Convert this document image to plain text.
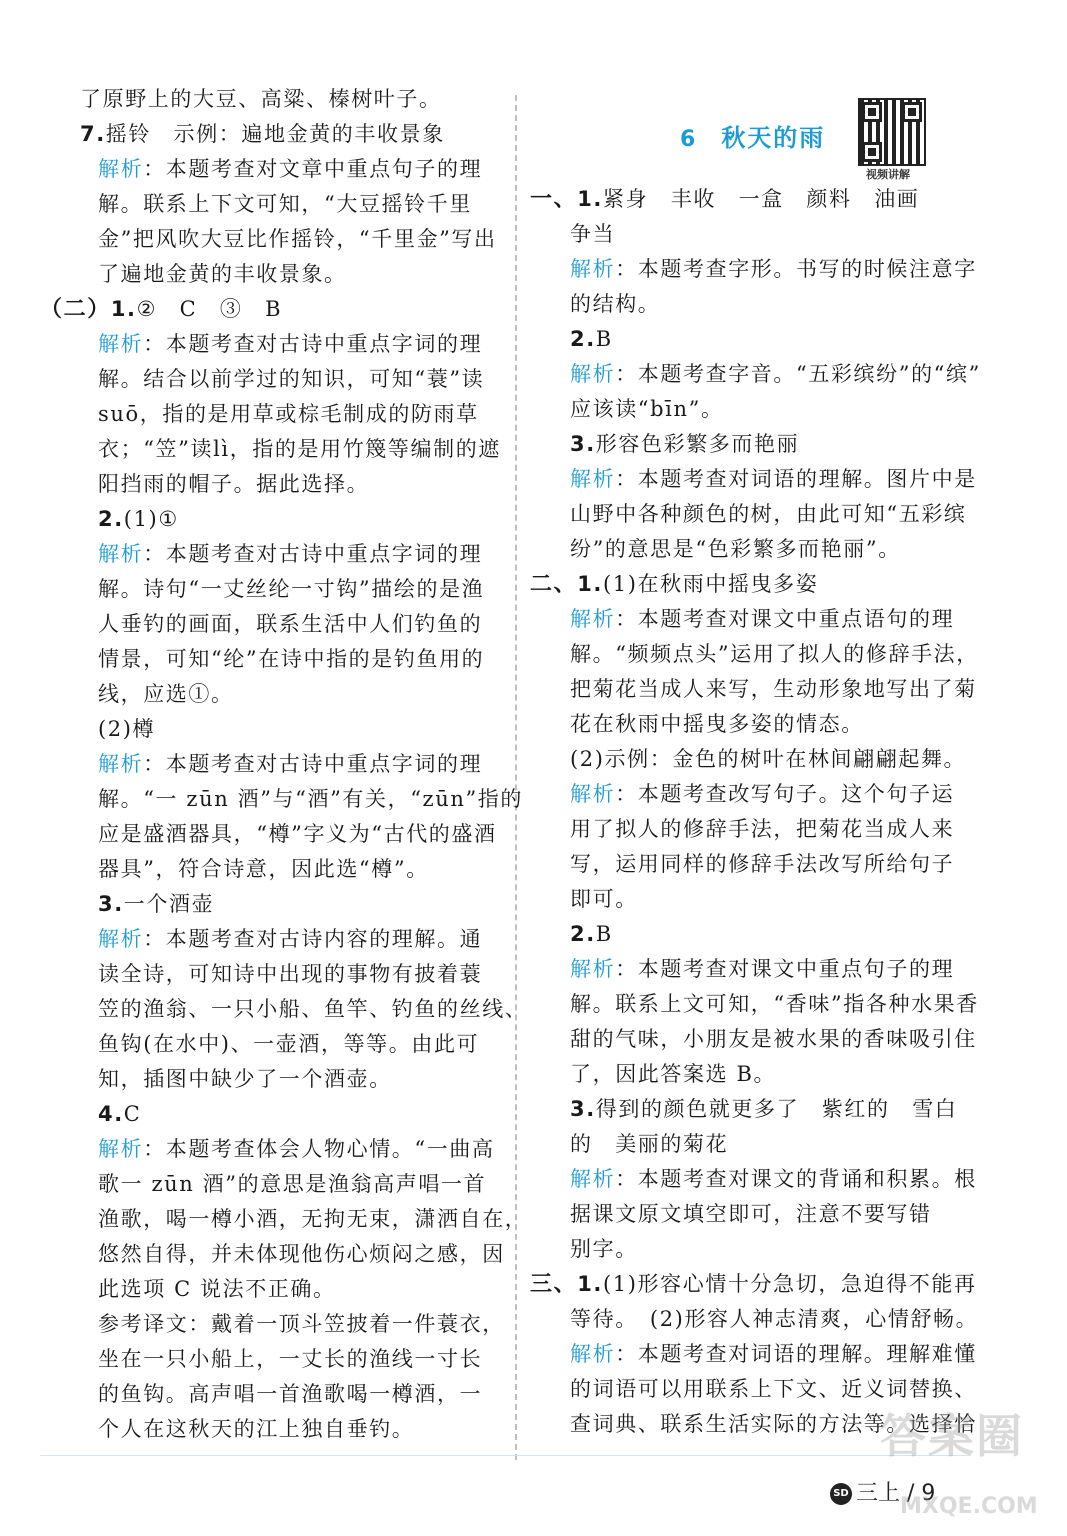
6 秋天的雨
视频讲解
了原野上的大豆、高粱、榛树叶子。
7.摇铃　示例：遍地金黄的丰收景象
解析：本题考查对文章中重点句子的理
解。联系上下文可知，“大豆摇铃千里
金”把风吹大豆比作摇铃，“千里金”写出
了遍地金黄的丰收景象。
（二）1.②　C　③　B
解析：本题考查对古诗中重点字词的理
解。结合以前学过的知识，可知“蓑”读
suō，指的是用草或棕毛制成的防雨草
衣；“笠”读lì，指的是用竹篾等编制的遮
阳挡雨的帽子。据此选择。
2.(1)①
解析：本题考查对古诗中重点字词的理
解。诗句“一丈丝纶一寸钩”描绘的是渔
人垂钓的画面，联系生活中人们钓鱼的
情景，可知“纶”在诗中指的是钓鱼用的
线，应选①。
(2)樽
解析：本题考查对古诗中重点字词的理
解。“一 zūn 酒”与“酒”有关，“zūn”指的
应是盛酒器具，“樽”字义为“古代的盛酒
器具”，符合诗意，因此选“樽”。
3.一个酒壶
解析：本题考查对古诗内容的理解。通
读全诗，可知诗中出现的事物有披着蓑
笠的渔翁、一只小船、鱼竿、钓鱼的丝线、
鱼钩(在水中)、一壶酒，等等。由此可
知，插图中缺少了一个酒壶。
4.C
解析：本题考查体会人物心情。“一曲高
歌一 zūn 酒”的意思是渔翁高声唱一首
渔歌，喝一樽小酒，无拘无束，潇洒自在，
悠然自得，并未体现他伤心烦闷之感，因
此选项 C 说法不正确。
参考译文：戴着一顶斗笠披着一件蓑衣，
坐在一只小船上，一丈长的渔线一寸长
的鱼钩。高声唱一首渔歌喝一樽酒，一
个人在这秋天的江上独自垂钓。
一、1.紧身　丰收　一盒　颜料　油画
争当
解析：本题考查字形。书写的时候注意字
的结构。
2.B
解析：本题考查字音。“五彩缤纷”的“缤”
应该读“bīn”。
3.形容色彩繁多而艳丽
解析：本题考查对词语的理解。图片中是
山野中各种颜色的树，由此可知“五彩缤
纷”的意思是“色彩繁多而艳丽”。
二、1.(1)在秋雨中摇曳多姿
解析：本题考查对课文中重点语句的理
解。“频频点头”运用了拟人的修辞手法，
把菊花当成人来写，生动形象地写出了菊
花在秋雨中摇曳多姿的情态。
(2)示例：金色的树叶在林间翩翩起舞。
解析：本题考查改写句子。这个句子运
用了拟人的修辞手法，把菊花当成人来
写，运用同样的修辞手法改写所给句子
即可。
2.B
解析：本题考查对课文中重点句子的理
解。联系上文可知，“香味”指各种水果香
甜的气味，小朋友是被水果的香味吸引住
了，因此答案选 B。
3.得到的颜色就更多了　紫红的　雪白
的　美丽的菊花
解析：本题考查对课文的背诵和积累。根
据课文原文填空即可，注意不要写错
别字。
三、1.(1)形容心情十分急切，急迫得不能再
等待。　(2)形容人神志清爽，心情舒畅。
解析：本题考查对词语的理解。理解难懂
的词语可以用联系上下文、近义词替换、
查词典、联系生活实际的方法等。选择恰
SD 三上 / 9
答案圈
MXQE.COM
